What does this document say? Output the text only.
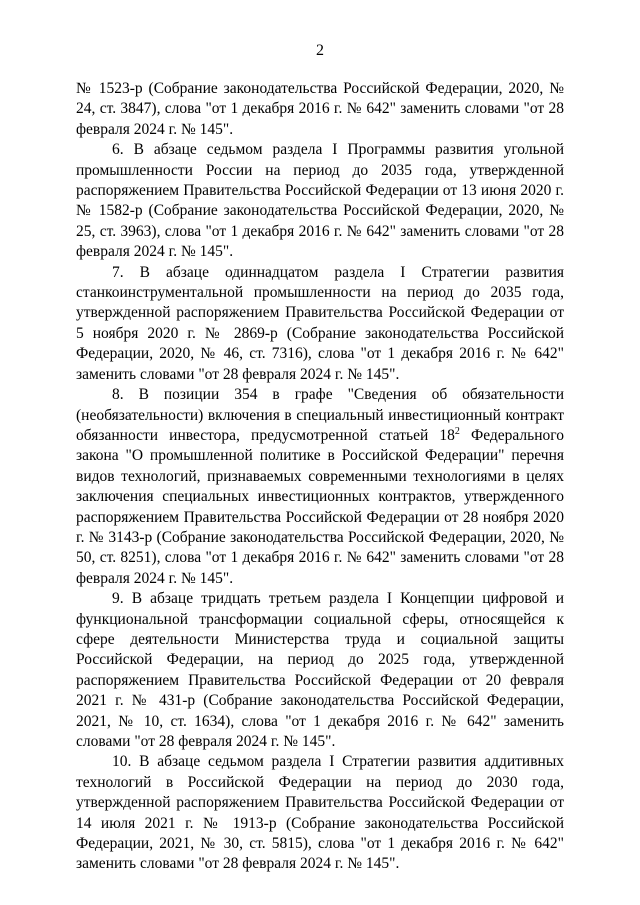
2

№ 1523-р (Собрание законодательства Российской Федерации, 2020, № 24, ст. 3847), слова "от 1 декабря 2016 г. № 642" заменить словами "от 28 февраля 2024 г. № 145".

6. В абзаце седьмом раздела I Программы развития угольной промышленности России на период до 2035 года, утвержденной распоряжением Правительства Российской Федерации от 13 июня 2020 г. № 1582-р (Собрание законодательства Российской Федерации, 2020, № 25, ст. 3963), слова "от 1 декабря 2016 г. № 642" заменить словами "от 28 февраля 2024 г. № 145".

7. В абзаце одиннадцатом раздела I Стратегии развития станкоинструментальной промышленности на период до 2035 года, утвержденной распоряжением Правительства Российской Федерации от 5 ноября 2020 г. № 2869-р (Собрание законодательства Российской Федерации, 2020, № 46, ст. 7316), слова "от 1 декабря 2016 г. № 642" заменить словами "от 28 февраля 2024 г. № 145".

8. В позиции 354 в графе "Сведения об обязательности (необязательности) включения в специальный инвестиционный контракт обязанности инвестора, предусмотренной статьей $18^2$ Федерального закона "О промышленной политике в Российской Федерации" перечня видов технологий, признаваемых современными технологиями в целях заключения специальных инвестиционных контрактов, утвержденного распоряжением Правительства Российской Федерации от 28 ноября 2020 г. № 3143-р (Собрание законодательства Российской Федерации, 2020, № 50, ст. 8251), слова "от 1 декабря 2016 г. № 642" заменить словами "от 28 февраля 2024 г. № 145".

9. В абзаце тридцать третьем раздела I Концепции цифровой и функциональной трансформации социальной сферы, относящейся к сфере деятельности Министерства труда и социальной защиты Российской Федерации, на период до 2025 года, утвержденной распоряжением Правительства Российской Федерации от 20 февраля 2021 г. № 431-р (Собрание законодательства Российской Федерации, 2021, № 10, ст. 1634), слова "от 1 декабря 2016 г. № 642" заменить словами "от 28 февраля 2024 г. № 145".

10. В абзаце седьмом раздела I Стратегии развития аддитивных технологий в Российской Федерации на период до 2030 года, утвержденной распоряжением Правительства Российской Федерации от 14 июля 2021 г. № 1913-р (Собрание законодательства Российской Федерации, 2021, № 30, ст. 5815), слова "от 1 декабря 2016 г. № 642" заменить словами "от 28 февраля 2024 г. № 145".
